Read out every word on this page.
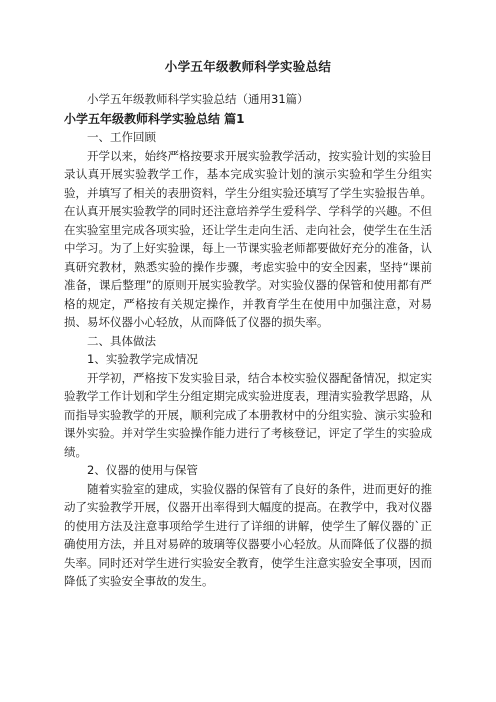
小学五年级教师科学实验总结

小学五年级教师科学实验总结（通用31篇）

小学五年级教师科学实验总结 篇1

一、工作回顾

开学以来，始终严格按要求开展实验教学活动，按实验计划的实验目录认真开展实验教学工作，基本完成实验计划的演示实验和学生分组实验，并填写了相关的表册资料，学生分组实验还填写了学生实验报告单。在认真开展实验教学的同时还注意培养学生爱科学、学科学的兴趣。不但在实验室里完成各项实验，还让学生走向生活、走向社会，使学生在生活中学习。为了上好实验课，每上一节课实验老师都要做好充分的准备，认真研究教材，熟悉实验的操作步骤，考虑实验中的安全因素，坚持“课前准备，课后整理”的原则开展实验教学。对实验仪器的保管和使用都有严格的规定，严格按有关规定操作，并教育学生在使用中加强注意，对易损、易坏仪器小心轻放，从而降低了仪器的损失率。

二、具体做法

1、实验教学完成情况

开学初，严格按下发实验目录，结合本校实验仪器配备情况，拟定实验教学工作计划和学生分组定期完成实验进度表，理清实验教学思路，从而指导实验教学的开展，顺利完成了本册教材中的分组实验、演示实验和课外实验。并对学生实验操作能力进行了考核登记，评定了学生的实验成绩。

2、仪器的使用与保管

随着实验室的建成，实验仪器的保管有了良好的条件，进而更好的推动了实验教学开展，仪器开出率得到大幅度的提高。在教学中，我对仪器的使用方法及注意事项给学生进行了详细的讲解，使学生了解仪器的`正确使用方法，并且对易碎的玻璃等仪器要小心轻放。从而降低了仪器的损失率。同时还对学生进行实验安全教育，使学生注意实验安全事项，因而降低了实验安全事故的发生。
